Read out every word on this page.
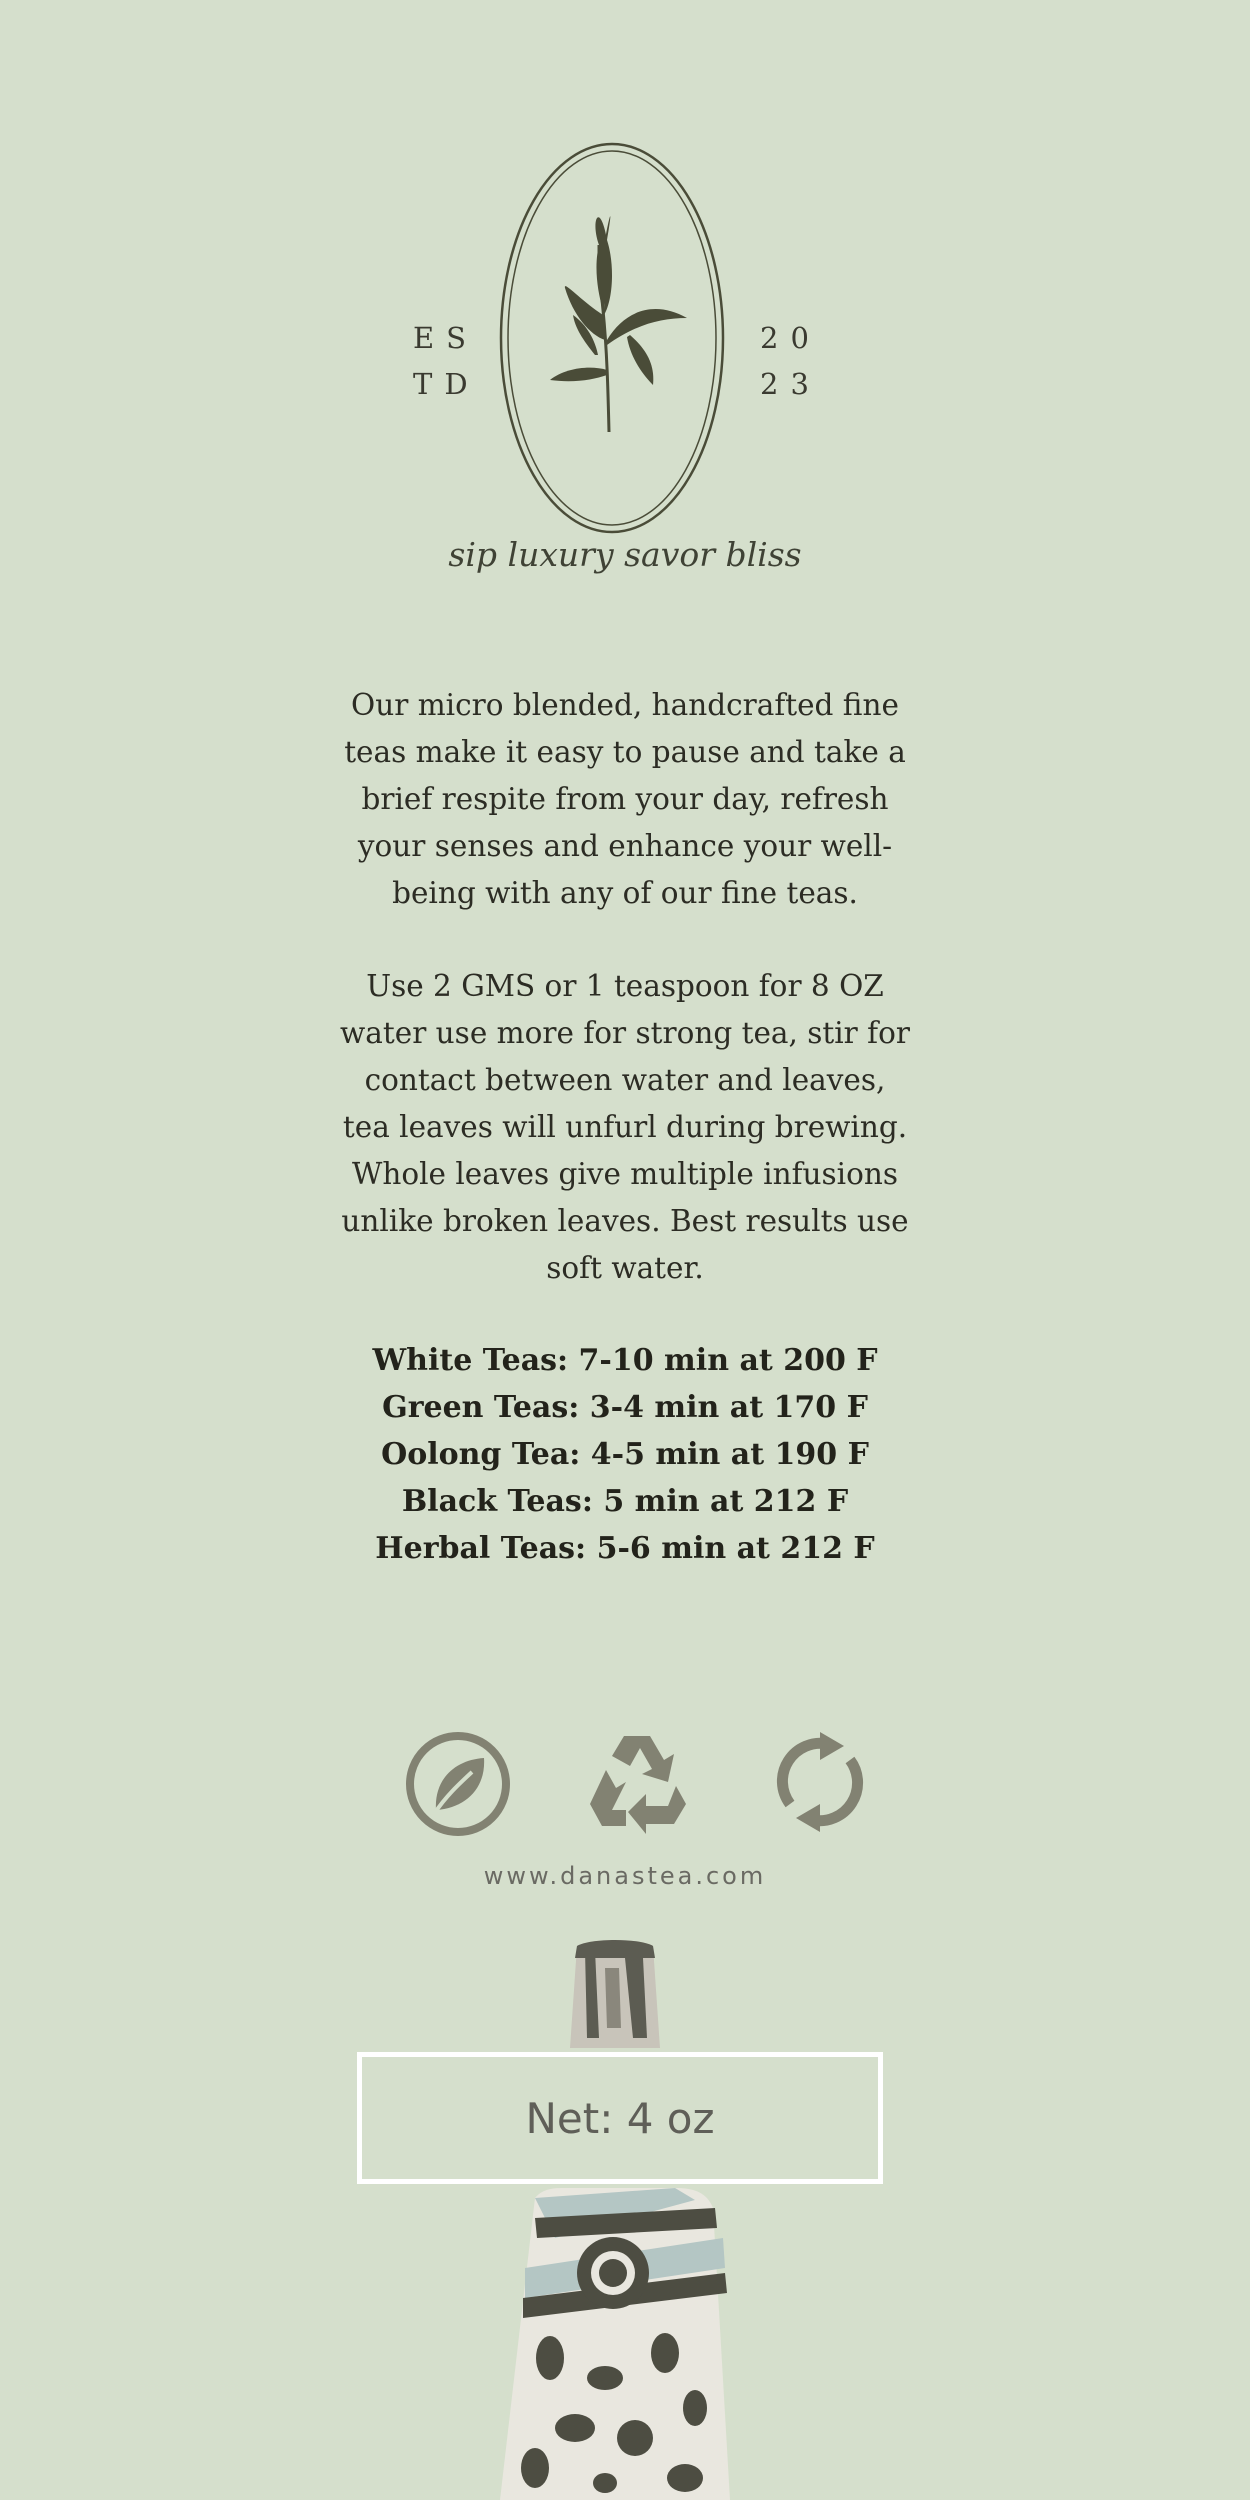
ES
TD
20
23
sip luxury savor bliss
Our micro blended, handcrafted fine teas make it easy to pause and take a brief respite from your day, refresh your senses and enhance your well-being with any of our fine teas.
Use 2 GMS or 1 teaspoon for 8 OZ water use more for strong tea, stir for contact between water and leaves, tea leaves will unfurl during brewing. Whole leaves give multiple infusions unlike broken leaves. Best results use soft water.
White Teas: 7-10 min at 200 F
Green Teas: 3-4 min at 170 F
Oolong Tea: 4-5 min at 190 F
Black Teas: 5 min at 212 F
Herbal Teas: 5-6 min at 212 F
www.danastea.com
Net: 4 oz
